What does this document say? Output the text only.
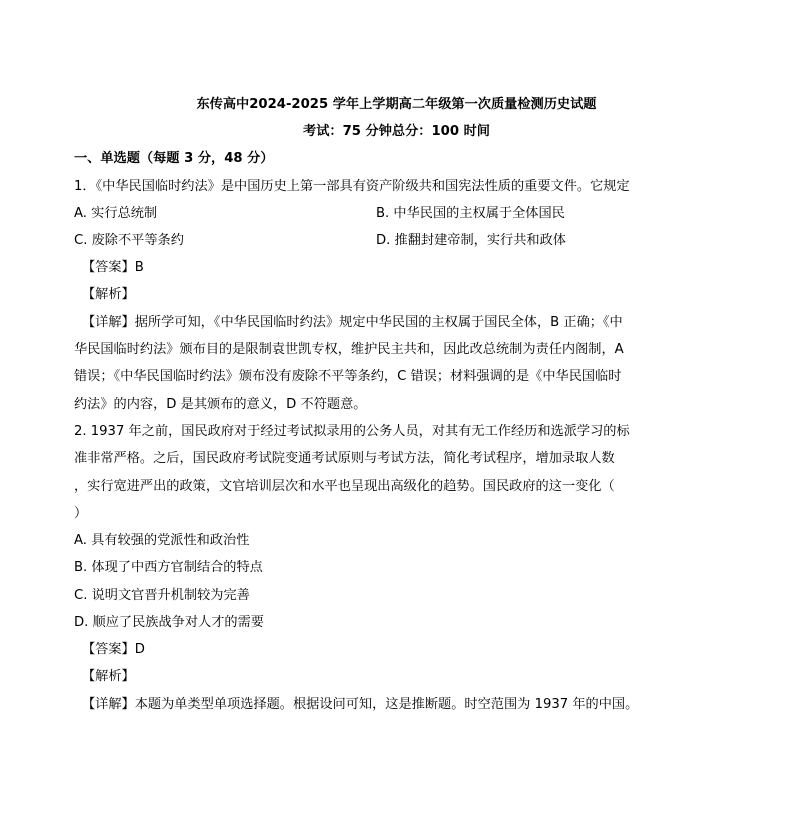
东传高中2024-2025 学年上学期高二年级第一次质量检测历史试题
考试：75 分钟总分：100 时间
一、单选题（每题 3 分，48 分）
1．《中华民国临时约法》是中国历史上第一部具有资产阶级共和国宪法性质的重要文件。它规定
A. 实行总统制	B. 中华民国的主权属于全体国民
C. 废除不平等条约	D. 推翻封建帝制，实行共和政体
【答案】B
【解析】
【详解】据所学可知，《中华民国临时约法》规定中华民国的主权属于国民全体，B 正确；《中
华民国临时约法》颁布目的是限制袁世凯专权，维护民主共和，因此改总统制为责任内阁制，A
错误；《中华民国临时约法》颁布没有废除不平等条约，C 错误；材料强调的是《中华民国临时
约法》的内容，D 是其颁布的意义，D 不符题意。
2. 1937 年之前，国民政府对于经过考试拟录用的公务人员，对其有无工作经历和选派学习的标
准非常严格。之后，国民政府考试院变通考试原则与考试方法，简化考试程序，增加录取人数
，实行宽进严出的政策，文官培训层次和水平也呈现出高级化的趋势。国民政府的这一变化（
）
A. 具有较强的党派性和政治性
B. 体现了中西方官制结合的特点
C. 说明文官晋升机制较为完善
D. 顺应了民族战争对人才的需要
【答案】D
【解析】
【详解】本题为单类型单项选择题。根据设问可知，这是推断题。时空范围为 1937 年的中国。
